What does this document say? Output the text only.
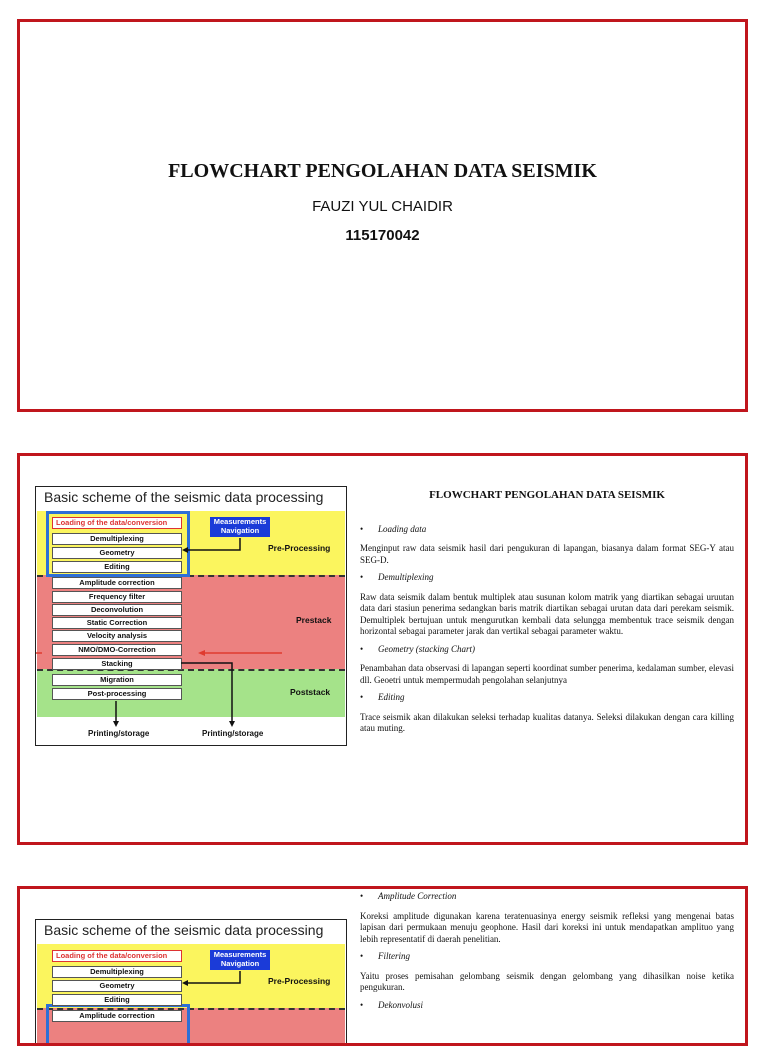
FLOWCHART PENGOLAHAN DATA SEISMIK
FAUZI YUL CHAIDIR
115170042
Basic scheme of the seismic data processing
Pre-Processing
Prestack
Poststack
Measurements Navigation
Loading of the data/conversion
Demultiplexing
Geometry
Editing
Amplitude correction
Frequency filter
Deconvolution
Static Correction
Velocity analysis
NMO/DMO-Correction
Stacking
Migration
Post-processing
Printing/storage	Printing/storage
FLOWCHART PENGOLAHAN DATA SEISMIK
• Loading data

Menginput raw data seismik hasil dari pengukuran di lapangan, biasanya dalam format SEG-Y atau SEG-D.

• Demultiplexing

Raw data seismik dalam bentuk multiplek atau susunan kolom matrik yang diartikan sebagai uruutan data dari stasiun penerima sedangkan baris matrik diartikan sebagai urutan data dari perekam seismik. Demultiplek bertujuan untuk mengurutkan kembali data selungga membentuk trace seismik dengan horizontal sebagai parameter jarak dan vertikal sebagai parameter waktu.

• Geometry (stacking Chart)

Penambahan data observasi di lapangan seperti koordinat sumber penerima, kedalaman sumber, elevasi dll. Geoetri untuk mempermudah pengolahan selanjutnya

• Editing

Trace seismik akan dilakukan seleksi terhadap kualitas datanya. Seleksi dilakukan dengan cara killing atau muting.

Basic scheme of the seismic data processing
Pre-Processing
Measurements Navigation
Loading of the data/conversion
Demultiplexing
Geometry
Editing
Amplitude correction
• Amplitude Correction

Koreksi amplitude digunakan karena teratenuasinya energy seismik refleksi yang mengenai batas lapisan dari permukaan menuju geophone. Hasil dari koreksi ini untuk mendapatkan amplituo yang lebih representatif di daerah penelitian.

• Filtering

Yaitu proses pemisahan gelombang seismik dengan gelombang yang dihasilkan noise ketika pengukuran.

• Dekonvolusi
